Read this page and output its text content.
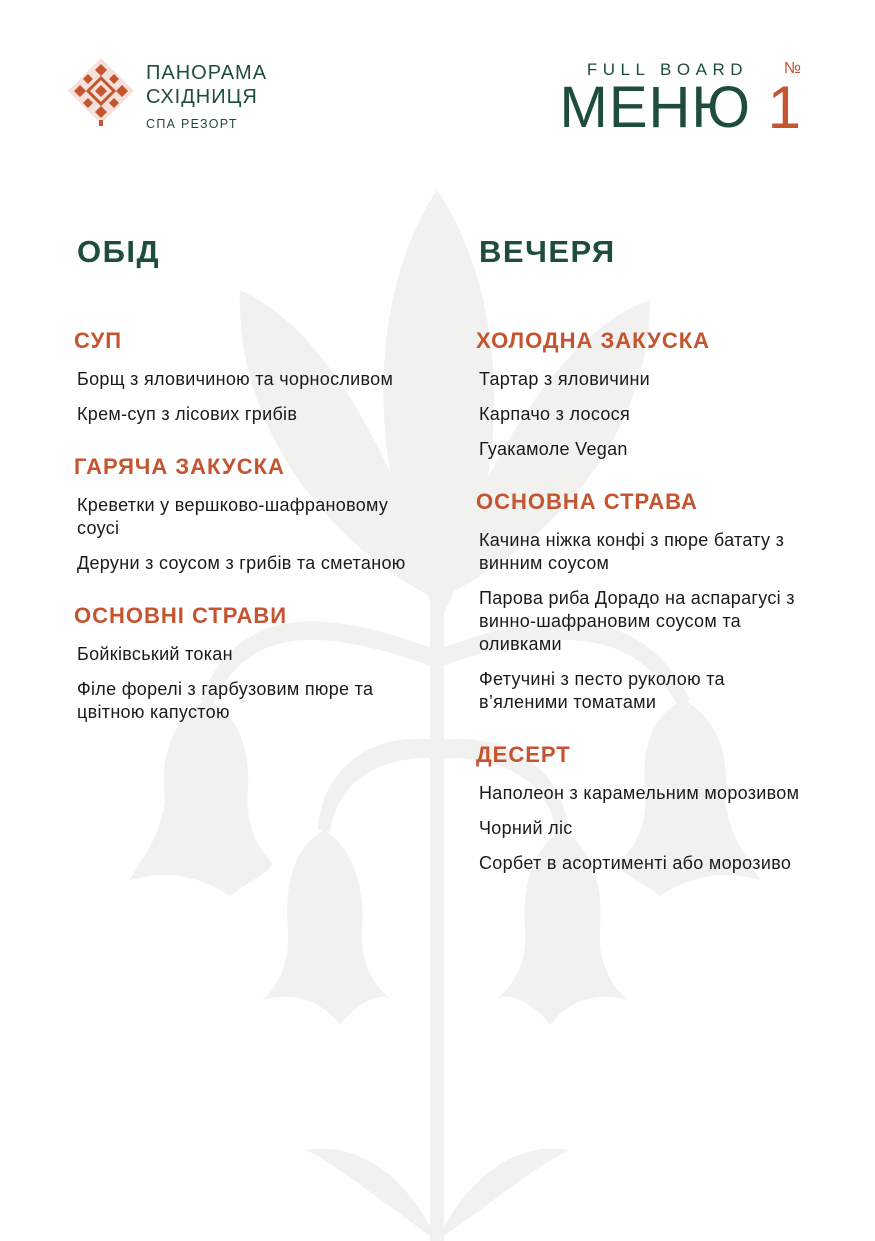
ПАНОРАМА
СХІДНИЦЯ
СПА РЕЗОРТ
FULL BOARD №
МЕНЮ 1
ОБІД
СУП

Борщ з яловичиною та чорносливом

Крем-суп з лісових грибів

ГАРЯЧА ЗАКУСКА

Креветки у вершково-шафрановому соусі

Деруни з соусом з грибів та сметаною

ОСНОВНІ СТРАВИ

Бойківський токан

Філе форелі з гарбузовим пюре та цвітною капустою

ВЕЧЕРЯ
ХОЛОДНА ЗАКУСКА

Тартар з яловичини

Карпачо з лосося

Гуакамоле Vegan

ОСНОВНА СТРАВА

Качина ніжка конфі з пюре батату з винним соусом

Парова риба Дорадо на аспарагусі з винно-шафрановим соусом та оливками

Фетучині з песто руколою та в’яленими томатами

ДЕСЕРТ

Наполеон з карамельним морозивом

Чорний ліс

Сорбет в асортименті або морозиво
